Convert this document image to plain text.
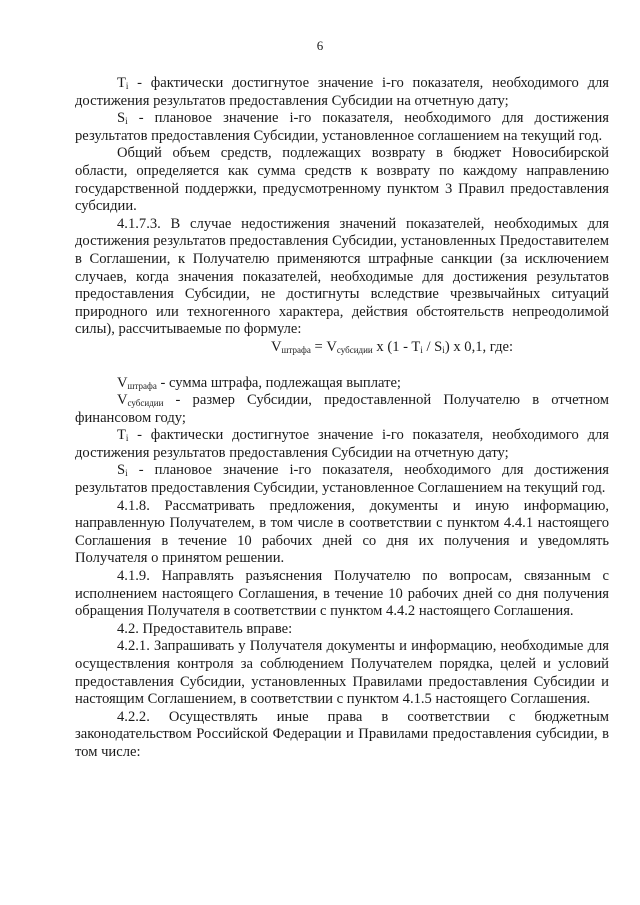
6

$T_i$ - фактически достигнутое значение i-го показателя, необходимого для достижения результатов предоставления Субсидии на отчетную дату;

$S_i$ - плановое значение i-го показателя, необходимого для достижения результатов предоставления Субсидии, установленное соглашением на текущий год.

Общий объем средств, подлежащих возврату в бюджет Новосибирской области, определяется как сумма средств к возврату по каждому направлению государственной поддержки, предусмотренному пунктом 3 Правил предоставления субсидии.

4.1.7.3. В случае недостижения значений показателей, необходимых для достижения результатов предоставления Субсидии, установленных Предоставителем в Соглашении, к Получателю применяются штрафные санкции (за исключением случаев, когда значения показателей, необходимые для достижения результатов предоставления Субсидии, не достигнуты вследствие чрезвычайных ситуаций природного или техногенного характера, действия обстоятельств непреодолимой силы), рассчитываемые по формуле:

$V_{штрафа} = V_{субсидии}$ x $(1 - T_i / S_i)$ x 0,1, где:

$V_{штрафа}$ - сумма штрафа, подлежащая выплате;

$V_{субсидии}$ - размер Субсидии, предоставленной Получателю в отчетном финансовом году;

$T_i$ - фактически достигнутое значение i-го показателя, необходимого для достижения результатов предоставления Субсидии на отчетную дату;

$S_i$ - плановое значение i-го показателя, необходимого для достижения результатов предоставления Субсидии, установленное Соглашением на текущий год.

4.1.8. Рассматривать предложения, документы и иную информацию, направленную Получателем, в том числе в соответствии с пунктом 4.4.1 настоящего Соглашения в течение 10 рабочих дней со дня их получения и уведомлять Получателя о принятом решении.

4.1.9. Направлять разъяснения Получателю по вопросам, связанным с исполнением настоящего Соглашения, в течение 10 рабочих дней со дня получения обращения Получателя в соответствии с пунктом 4.4.2 настоящего Соглашения.

4.2. Предоставитель вправе:

4.2.1. Запрашивать у Получателя документы и информацию, необходимые для осуществления контроля за соблюдением Получателем порядка, целей и условий предоставления Субсидии, установленных Правилами предоставления Субсидии и настоящим Соглашением, в соответствии с пунктом 4.1.5 настоящего Соглашения.

4.2.2. Осуществлять иные права в соответствии с бюджетным законодательством Российской Федерации и Правилами предоставления субсидии, в том числе:
